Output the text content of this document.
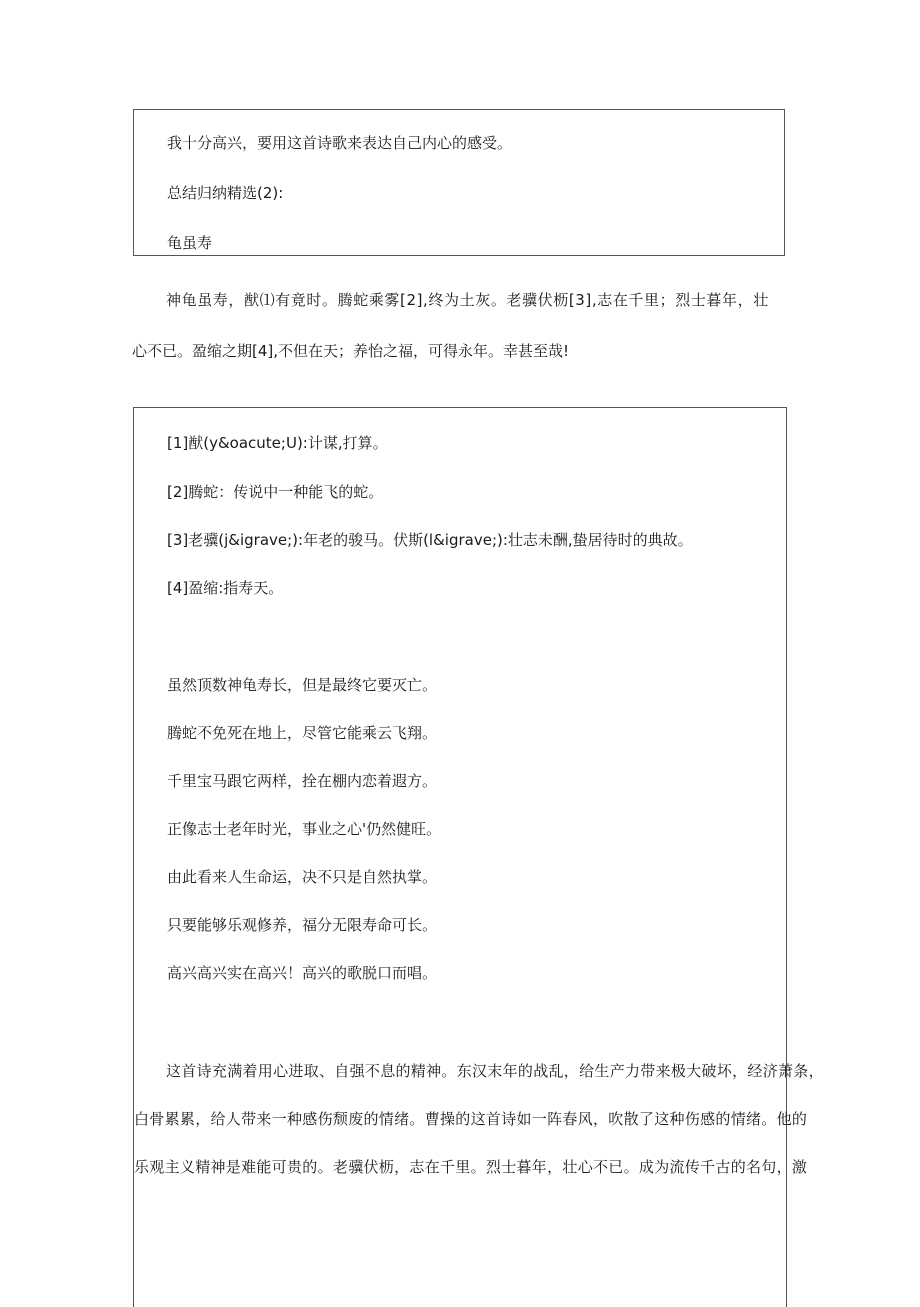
我十分高兴，要用这首诗歌来表达自己内心的感受。
总结归纳精选(2):
龟虽寿
神龟虽寿，猷⑴有竟时。腾蛇乘雾[2],终为土灰。老骥伏枥[3],志在千里；烈士暮年，壮
心不已。盈缩之期[4],不但在天；养怡之福，可得永年。幸甚至哉!
[1]猷(y&oacute;U):计谋,打算。
[2]腾蛇：传说中一种能飞的蛇。
[3]老骥(j&igrave;):年老的骏马。伏斯(l&igrave;):壮志未酬,蛰居待时的典故。
[4]盈缩:指寿天。
虽然顶数神龟寿长，但是最终它要灭亡。
腾蛇不免死在地上，尽管它能乘云飞翔。
千里宝马跟它两样，拴在棚内恋着遐方。
正像志士老年时光，事业之心'仍然健旺。
由此看来人生命运，决不只是自然执掌。
只要能够乐观修养，福分无限寿命可长。
高兴高兴实在高兴！高兴的歌脱口而唱。
这首诗充满着用心进取、自强不息的精神。东汉末年的战乱，给生产力带来极大破坏，经济萧条，
白骨累累，给人带来一种感伤颓废的情绪。曹操的这首诗如一阵春风，吹散了这种伤感的情绪。他的
乐观主义精神是难能可贵的。老骥伏枥，志在千里。烈士暮年，壮心不已。成为流传千古的名句，激
